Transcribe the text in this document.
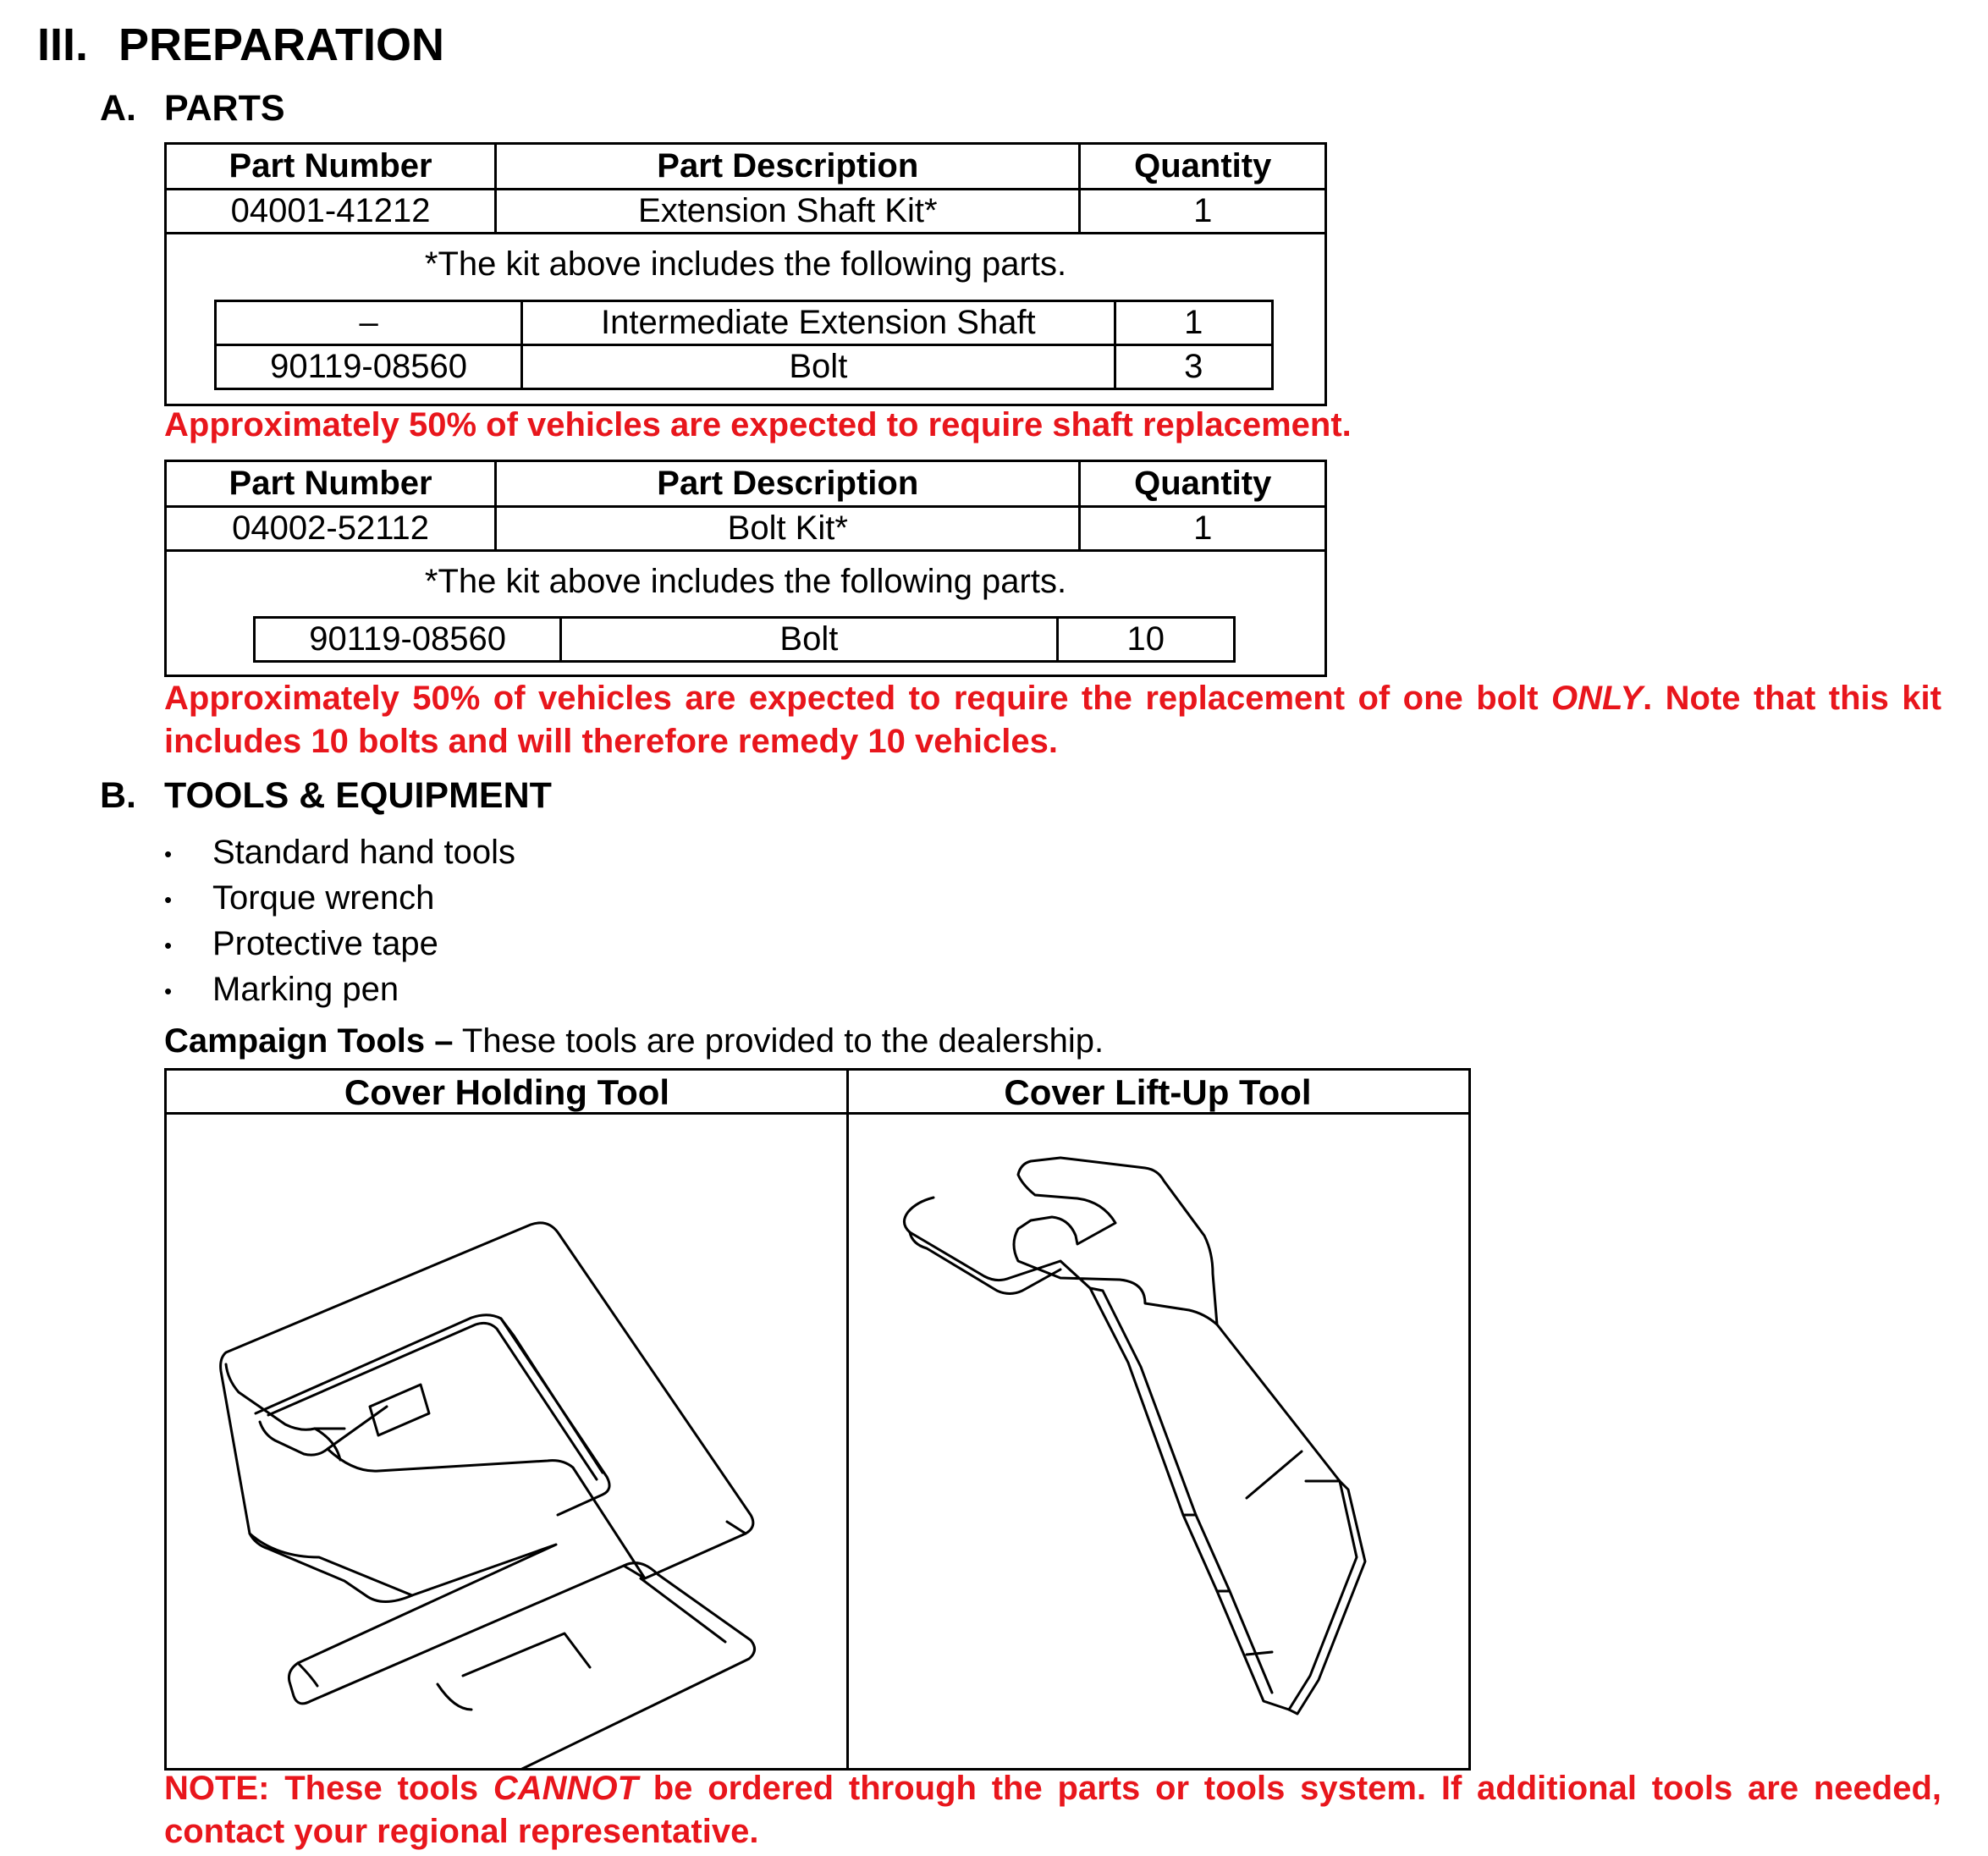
III. PREPARATION
A. PARTS
Part Number	Part Description	Quantity
04001-41212	Extension Shaft Kit*	1
*The kit above includes the following parts.
–	Intermediate Extension Shaft	1
90119-08560	Bolt	3
Approximately 50% of vehicles are expected to require shaft replacement.
Part Number	Part Description	Quantity
04002-52112	Bolt Kit*	1
*The kit above includes the following parts.
90119-08560	Bolt	10
Approximately 50% of vehicles are expected to require the replacement of one bolt ONLY. Note that this kit includes 10 bolts and will therefore remedy 10 vehicles.
B. TOOLS & EQUIPMENT
• Standard hand tools
• Torque wrench
• Protective tape
• Marking pen
Campaign Tools – These tools are provided to the dealership.
Cover Holding Tool	Cover Lift-Up Tool
NOTE: These tools CANNOT be ordered through the parts or tools system. If additional tools are needed, contact your regional representative.
